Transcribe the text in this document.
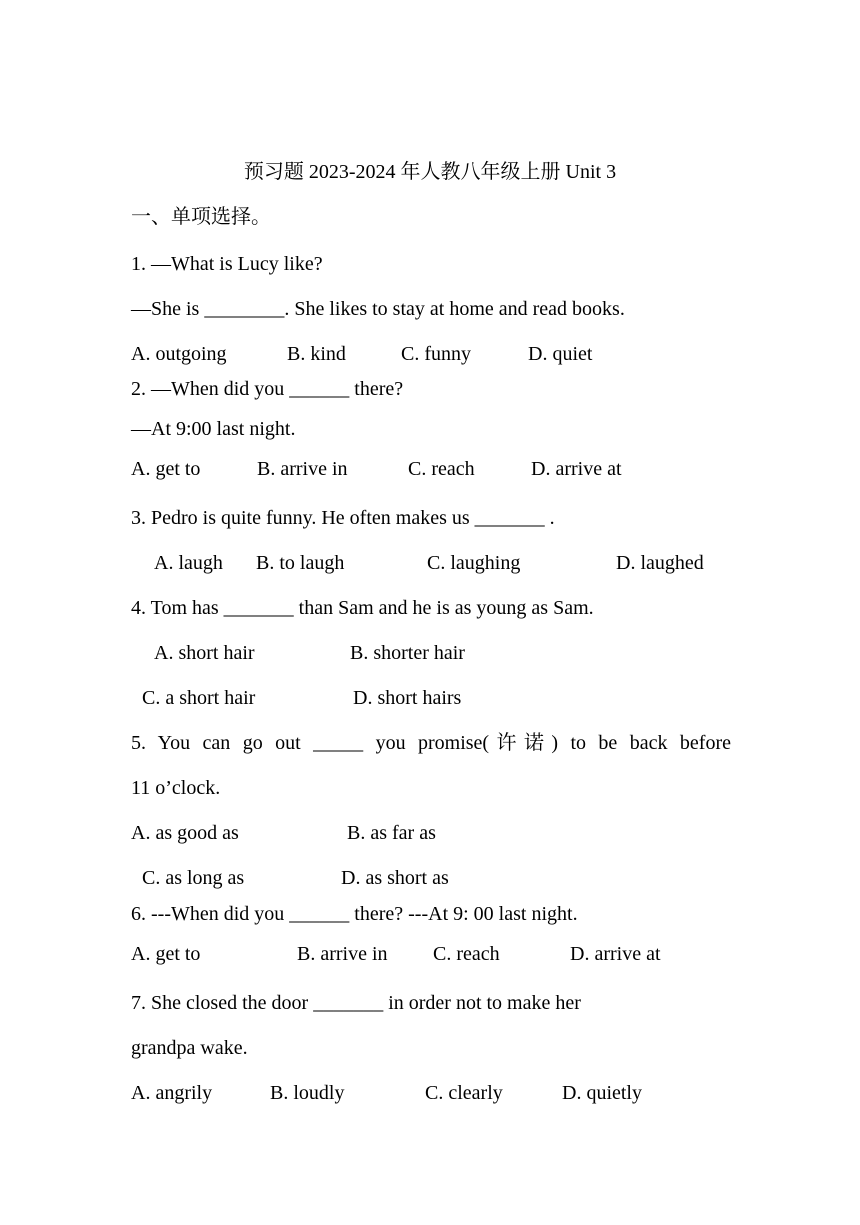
预习题 2023-2024 年人教八年级上册 Unit 3
一、单项选择。
1. —What is Lucy like?
—She is ________. She likes to stay at home and read books.

A. outgoing

	B. kind

	C. funny

	D. quiet

2. —When did you ______ there?
—At 9:00 last night.

A. get to

	B. arrive in

	C. reach

	D. arrive at

3. Pedro is quite funny. He often makes us _______ .

A. laugh

B. to laugh

	C. laughing

	D. laughed

4. Tom has _______ than Sam and he is as young as Sam.

A. short hair

	B. shorter hair

C. a short hair

	D. short hairs

5. You can go out _____ you promise(许诺) to be back before
11 o’clock.

A. as good as

	B. as far as

C. as long as

	D. as short as

6. ---When did you ______ there? ---At 9: 00 last night.

A. get to

	B. arrive in

C. reach

	D. arrive at

7. She closed the door _______ in order not to make her
grandpa wake.

A. angrily

	B. loudly

	C. clearly

	D. quietly
